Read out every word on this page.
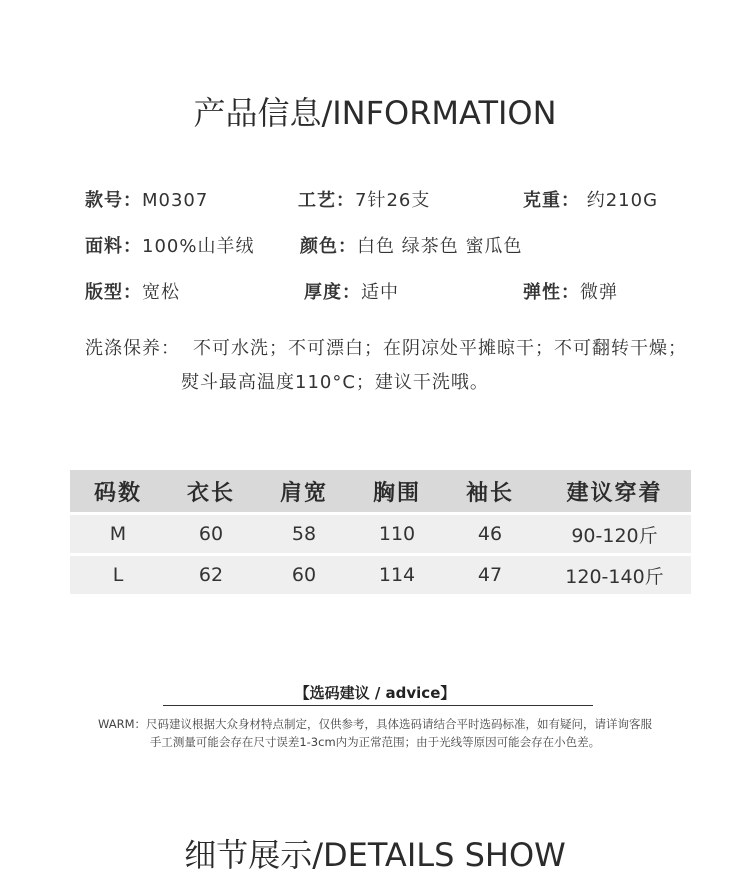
产品信息/INFORMATION
款号：M0307	工艺：7针26支	克重： 约210G
面料：100%山羊绒	颜色：白色 绿茶色 蜜瓜色
版型：宽松	厚度：适中	弹性：微弹
洗涤保养： 不可水洗；不可漂白；在阴凉处平摊晾干；不可翻转干燥；
熨斗最高温度110°C；建议干洗哦。
码数	衣长	肩宽	胸围	袖长	建议穿着
M	60	58	110	46	90-120斤
L	62	60	114	47	120-140斤
【选码建议 / advice】
WARM：尺码建议根据大众身材特点制定，仅供参考，具体选码请结合平时选码标准，如有疑问，请详询客服
手工测量可能会存在尺寸误差1-3cm内为正常范围；由于光线等原因可能会存在小色差。
细节展示/DETAILS SHOW
